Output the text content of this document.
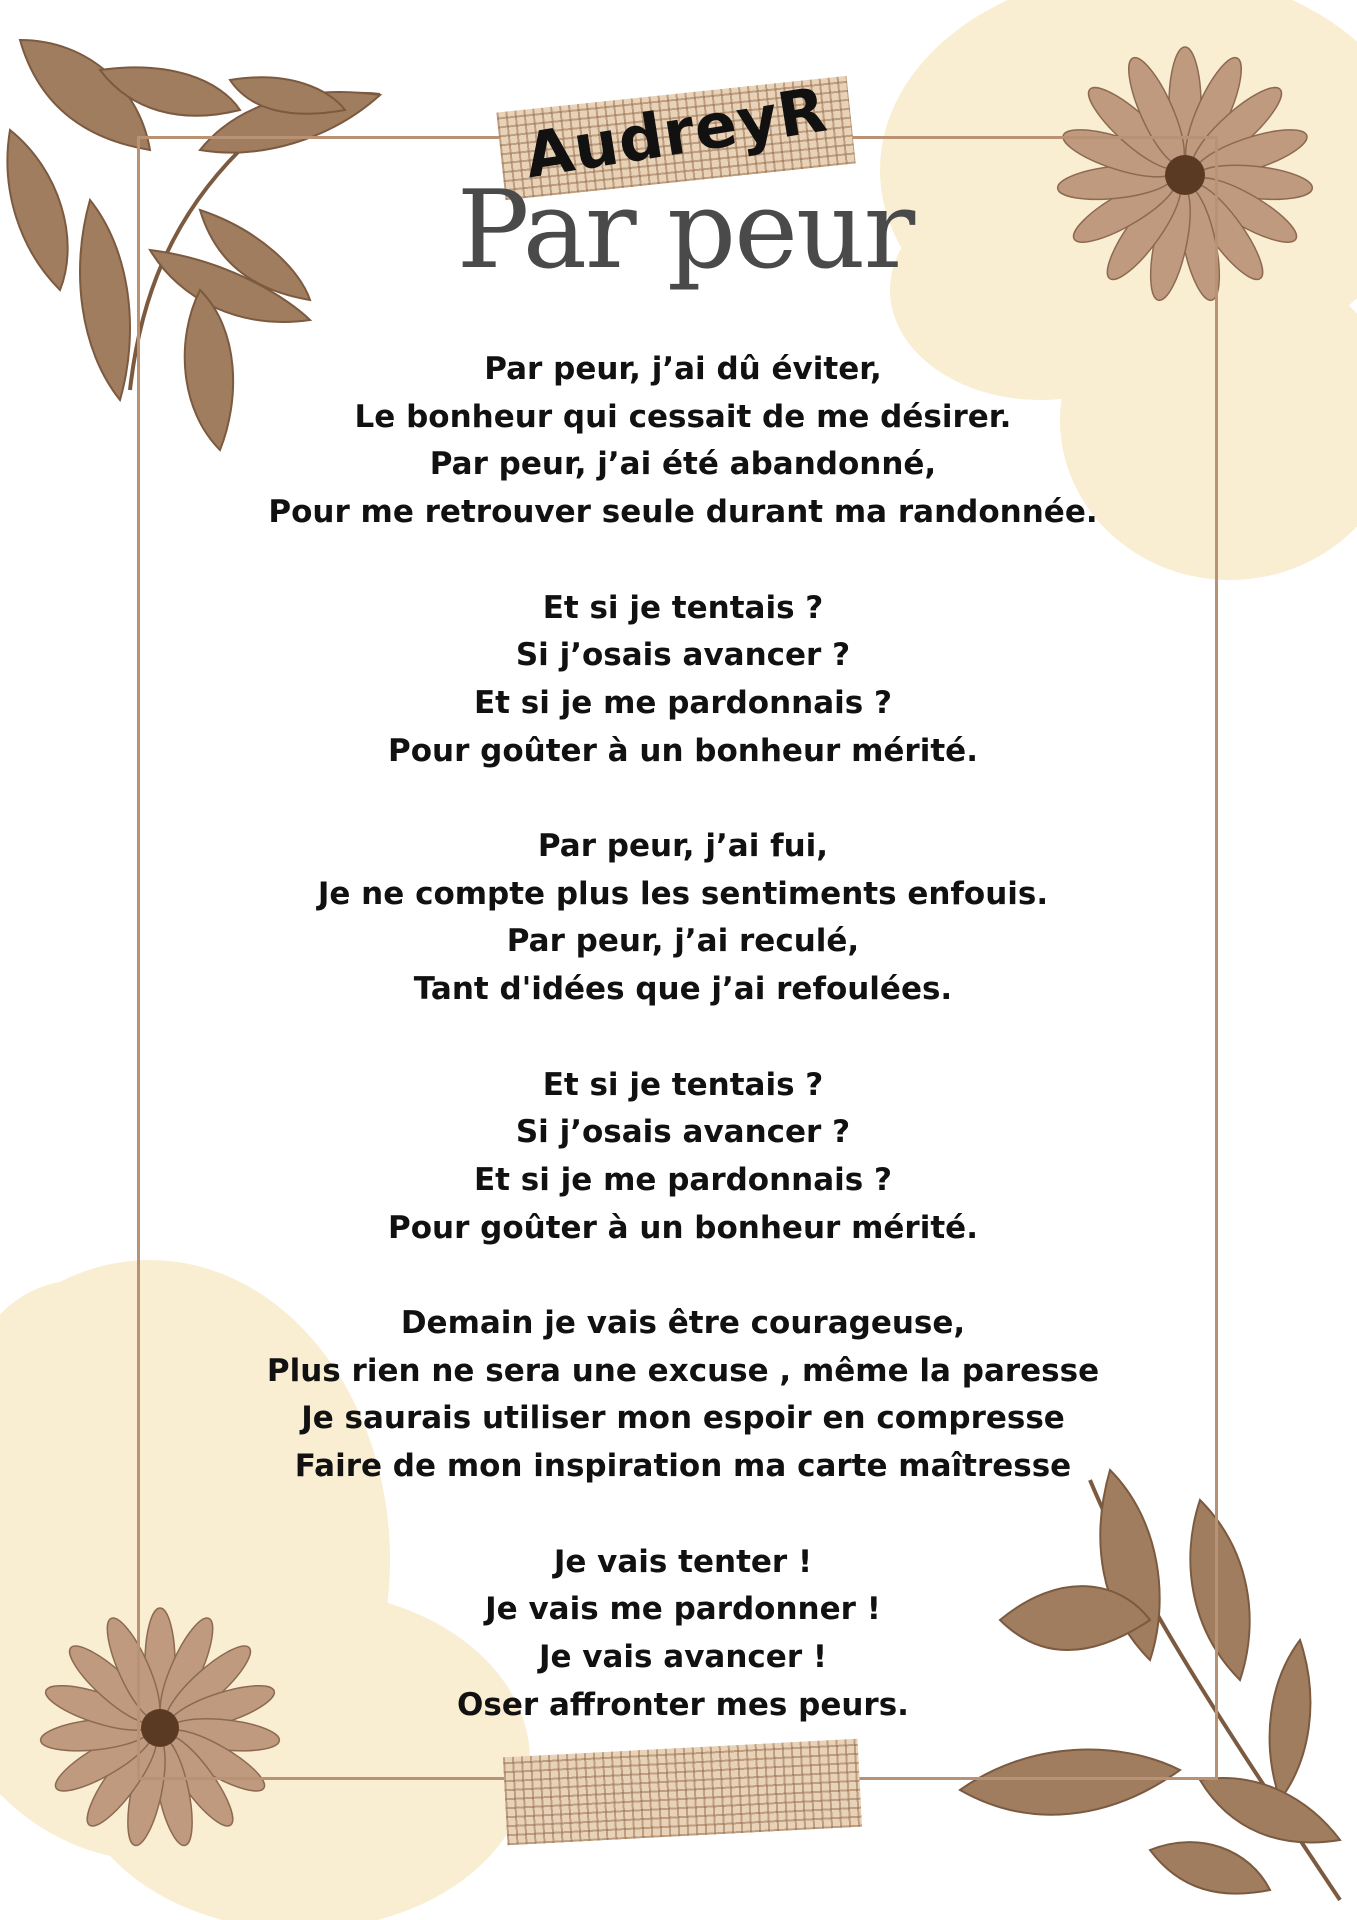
AudreyR
Par peur
Par peur, j’ai dû éviter,
Le bonheur qui cessait de me désirer.
Par peur, j’ai été abandonné,
Pour me retrouver seule durant ma randonnée.
Et si je tentais ?
Si j’osais avancer ?
Et si je me pardonnais ?
Pour goûter à un bonheur mérité.
Par peur, j’ai fui,
Je ne compte plus les sentiments enfouis.
Par peur, j’ai reculé,
Tant d'idées que j’ai refoulées.
Et si je tentais ?
Si j’osais avancer ?
Et si je me pardonnais ?
Pour goûter à un bonheur mérité.
Demain je vais être courageuse,
Plus rien ne sera une excuse , même la paresse
Je saurais utiliser mon espoir en compresse
Faire de mon inspiration ma carte maîtresse
Je vais tenter !
Je vais me pardonner !
Je vais avancer !
Oser affronter mes peurs.
